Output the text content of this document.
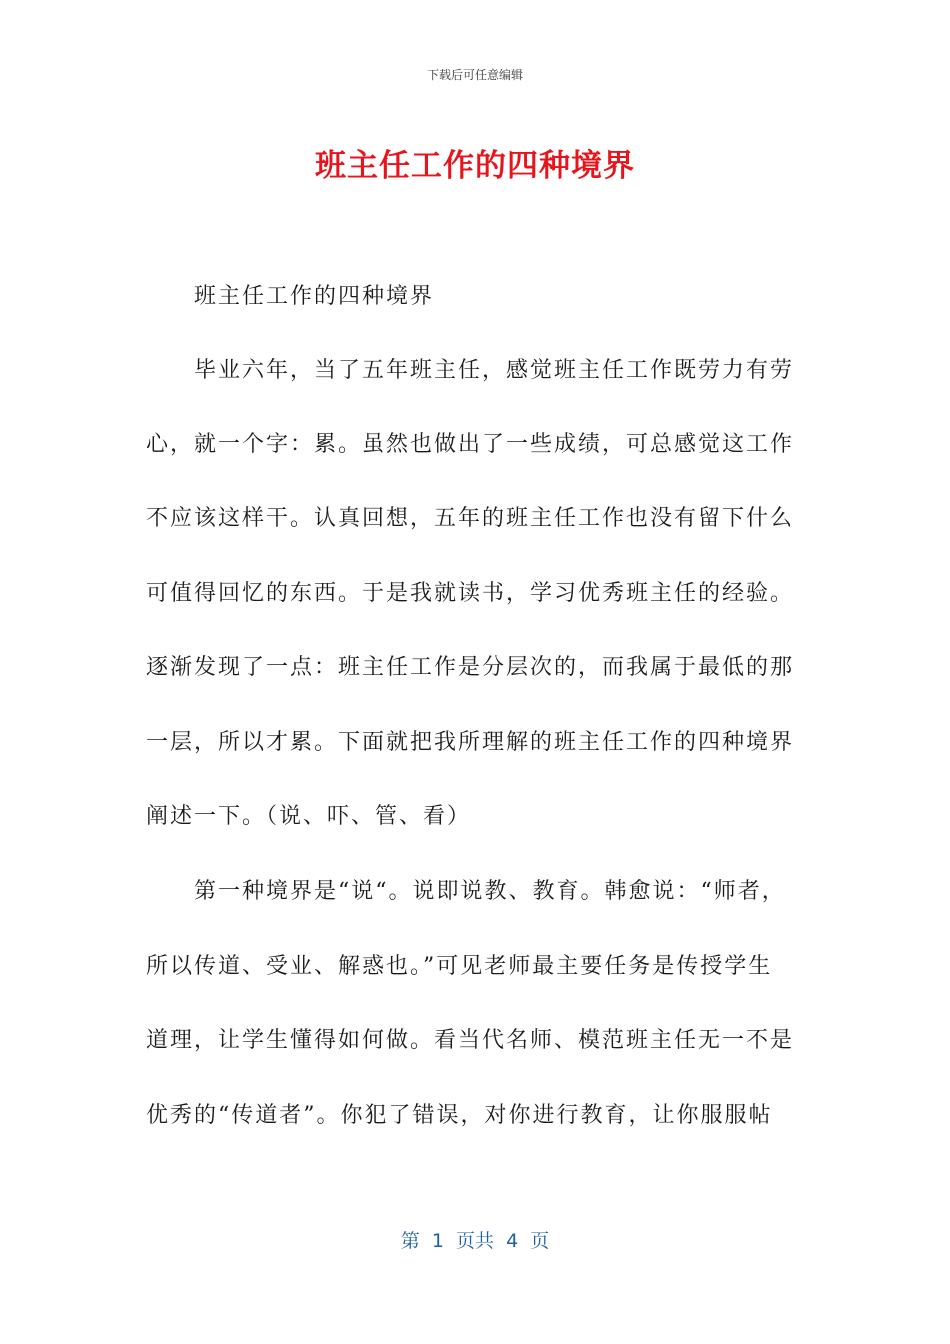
下载后可任意编辑
班主任工作的四种境界
班主任工作的四种境界
毕业六年，当了五年班主任，感觉班主任工作既劳力有劳
心，就一个字：累。虽然也做出了一些成绩，可总感觉这工作
不应该这样干。认真回想，五年的班主任工作也没有留下什么
可值得回忆的东西。于是我就读书，学习优秀班主任的经验。
逐渐发现了一点：班主任工作是分层次的，而我属于最低的那
一层，所以才累。下面就把我所理解的班主任工作的四种境界
阐述一下。（说、吓、管、看）
第一种境界是“说“。说即说教、教育。韩愈说：“师者，
所以传道、受业、解惑也。”可见老师最主要任务是传授学生
道理，让学生懂得如何做。看当代名师、模范班主任无一不是
优秀的“传道者”。你犯了错误，对你进行教育，让你服服帖
第  1  页共  4  页
